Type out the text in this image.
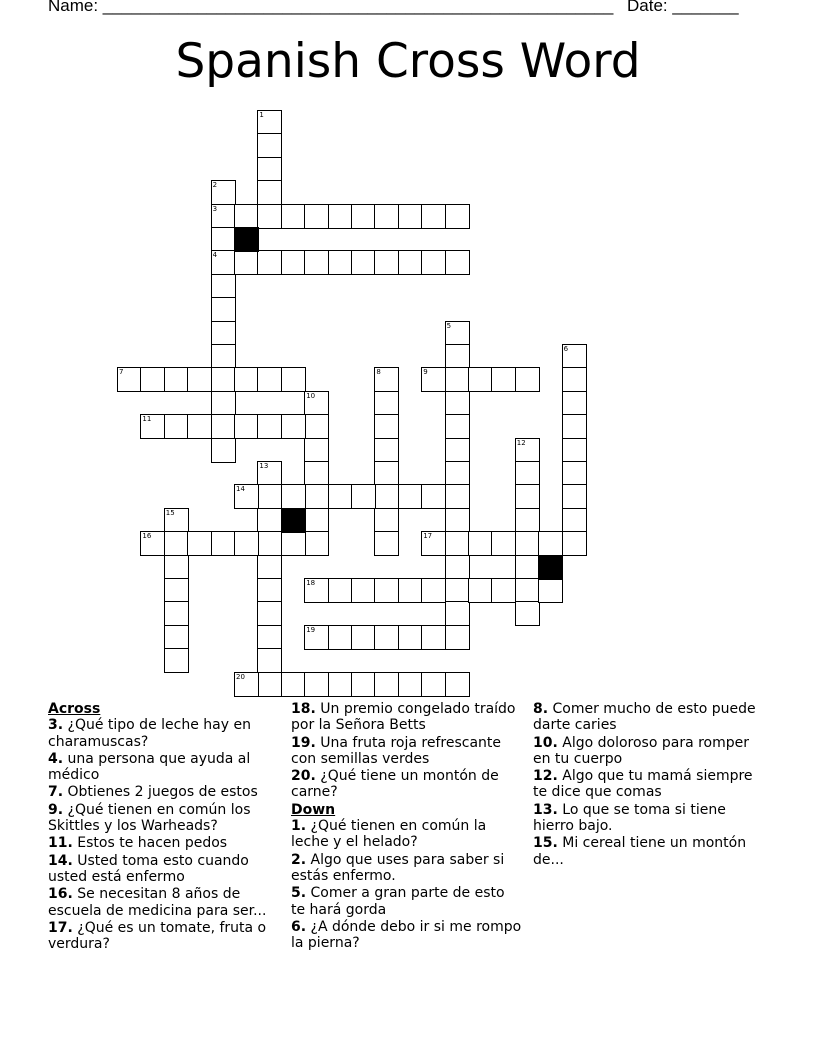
Name: ______________________________________________________ Date: _______
Spanish Cross Word
1
2
3
4
5
6
7	8	9
10
11
12
13
14
15
16	17
18
19
20
Across
3. ¿Qué tipo de leche hay en charamuscas?
4. una persona que ayuda al médico
7. Obtienes 2 juegos de estos
9. ¿Qué tienen en común los Skittles y los Warheads?
11. Estos te hacen pedos
14. Usted toma esto cuando usted está enfermo
16. Se necesitan 8 años de escuela de medicina para ser...
17. ¿Qué es un tomate, fruta o verdura?
18. Un premio congelado traído por la Señora Betts
19. Una fruta roja refrescante con semillas verdes
20. ¿Qué tiene un montón de carne?
Down
1. ¿Qué tienen en común la leche y el helado?
2. Algo que uses para saber si estás enfermo.
5. Comer a gran parte de esto te hará gorda
6. ¿A dónde debo ir si me rompo la pierna?
8. Comer mucho de esto puede darte caries
10. Algo doloroso para romper en tu cuerpo
12. Algo que tu mamá siempre te dice que comas
13. Lo que se toma si tiene hierro bajo.
15. Mi cereal tiene un montón de...
